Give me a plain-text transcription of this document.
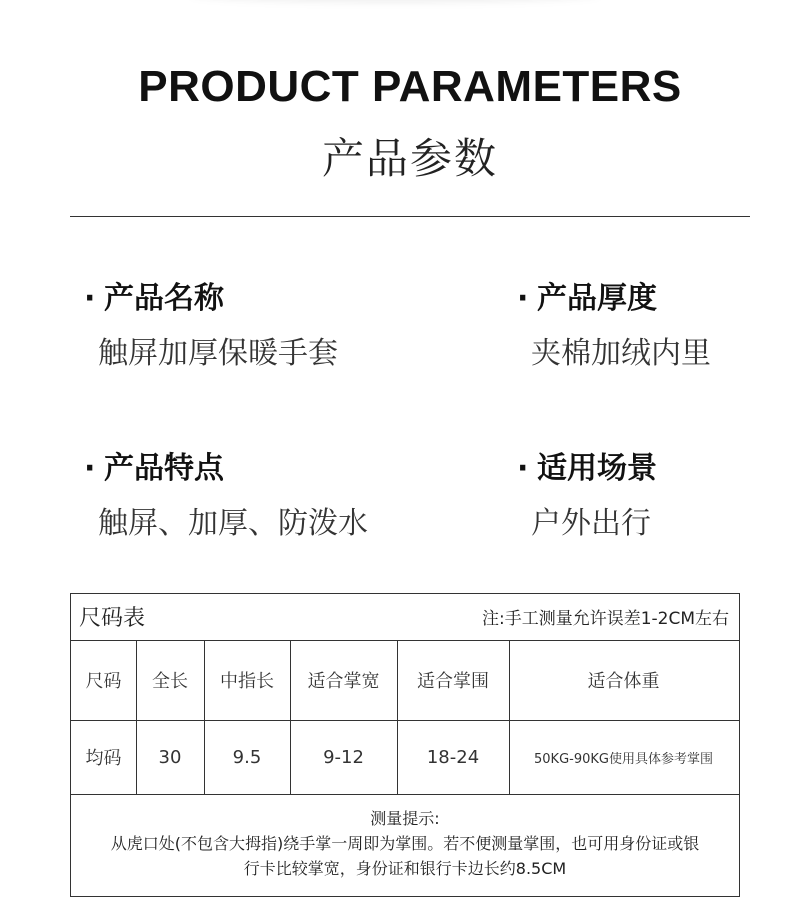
PRODUCT PARAMETERS
产品参数
· 产品名称
触屏加厚保暖手套
· 产品厚度
夹棉加绒内里
· 产品特点
触屏、加厚、防泼水
· 适用场景
户外出行
尺码表	注:手工测量允许误差1-2CM左右
尺码	全长	中指长	适合掌宽	适合掌围	适合体重
均码	30	9.5	9-12	18-24	50KG-90KG使用具体参考掌围
测量提示:
从虎口处(不包含大拇指)绕手掌一周即为掌围。若不便测量掌围，也可用身份证或银
行卡比较掌宽，身份证和银行卡边长约8.5CM
